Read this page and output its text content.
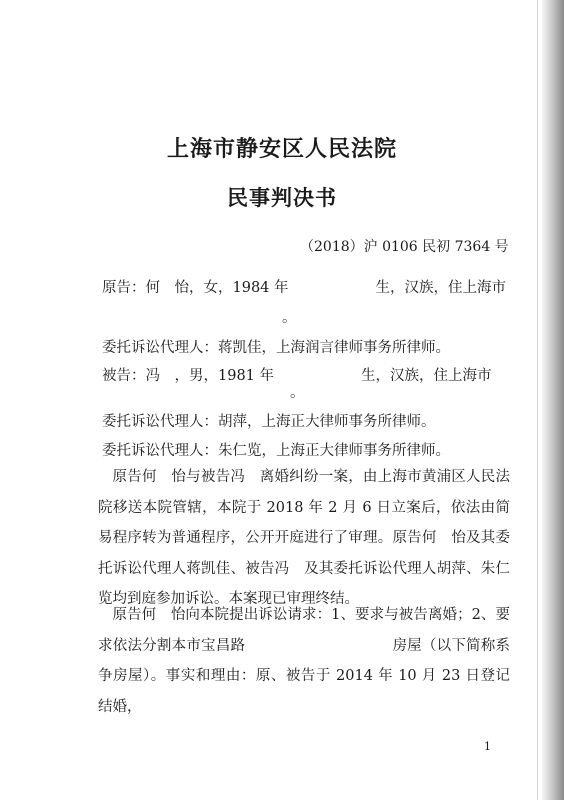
上海市静安区人民法院
民事判决书
（2018）沪 0106 民初 7364 号
原告：何　怡，女，1984 年　　　　　　生，汉族，住上海市
。
委托诉讼代理人：蒋凯佳，上海润言律师事务所律师。
被告：冯　，男，1981 年　　　　　　生，汉族，住上海市
。
委托诉讼代理人：胡萍，上海正大律师事务所律师。
委托诉讼代理人：朱仁览，上海正大律师事务所律师。
原告何　怡与被告冯　离婚纠纷一案，由上海市黄浦区人民法院移送本院管辖，本院于 2018 年 2 月 6 日立案后，依法由简易程序转为普通程序，公开开庭进行了审理。原告何　怡及其委托诉讼代理人蒋凯佳、被告冯　及其委托诉讼代理人胡萍、朱仁览均到庭参加诉讼。本案现已审理终结。
原告何　怡向本院提出诉讼请求：1、要求与被告离婚；2、要求依法分割本市宝昌路　　　　　　　　　　房屋（以下简称系争房屋）。事实和理由：原、被告于 2014 年 10 月 23 日登记结婚，
1
